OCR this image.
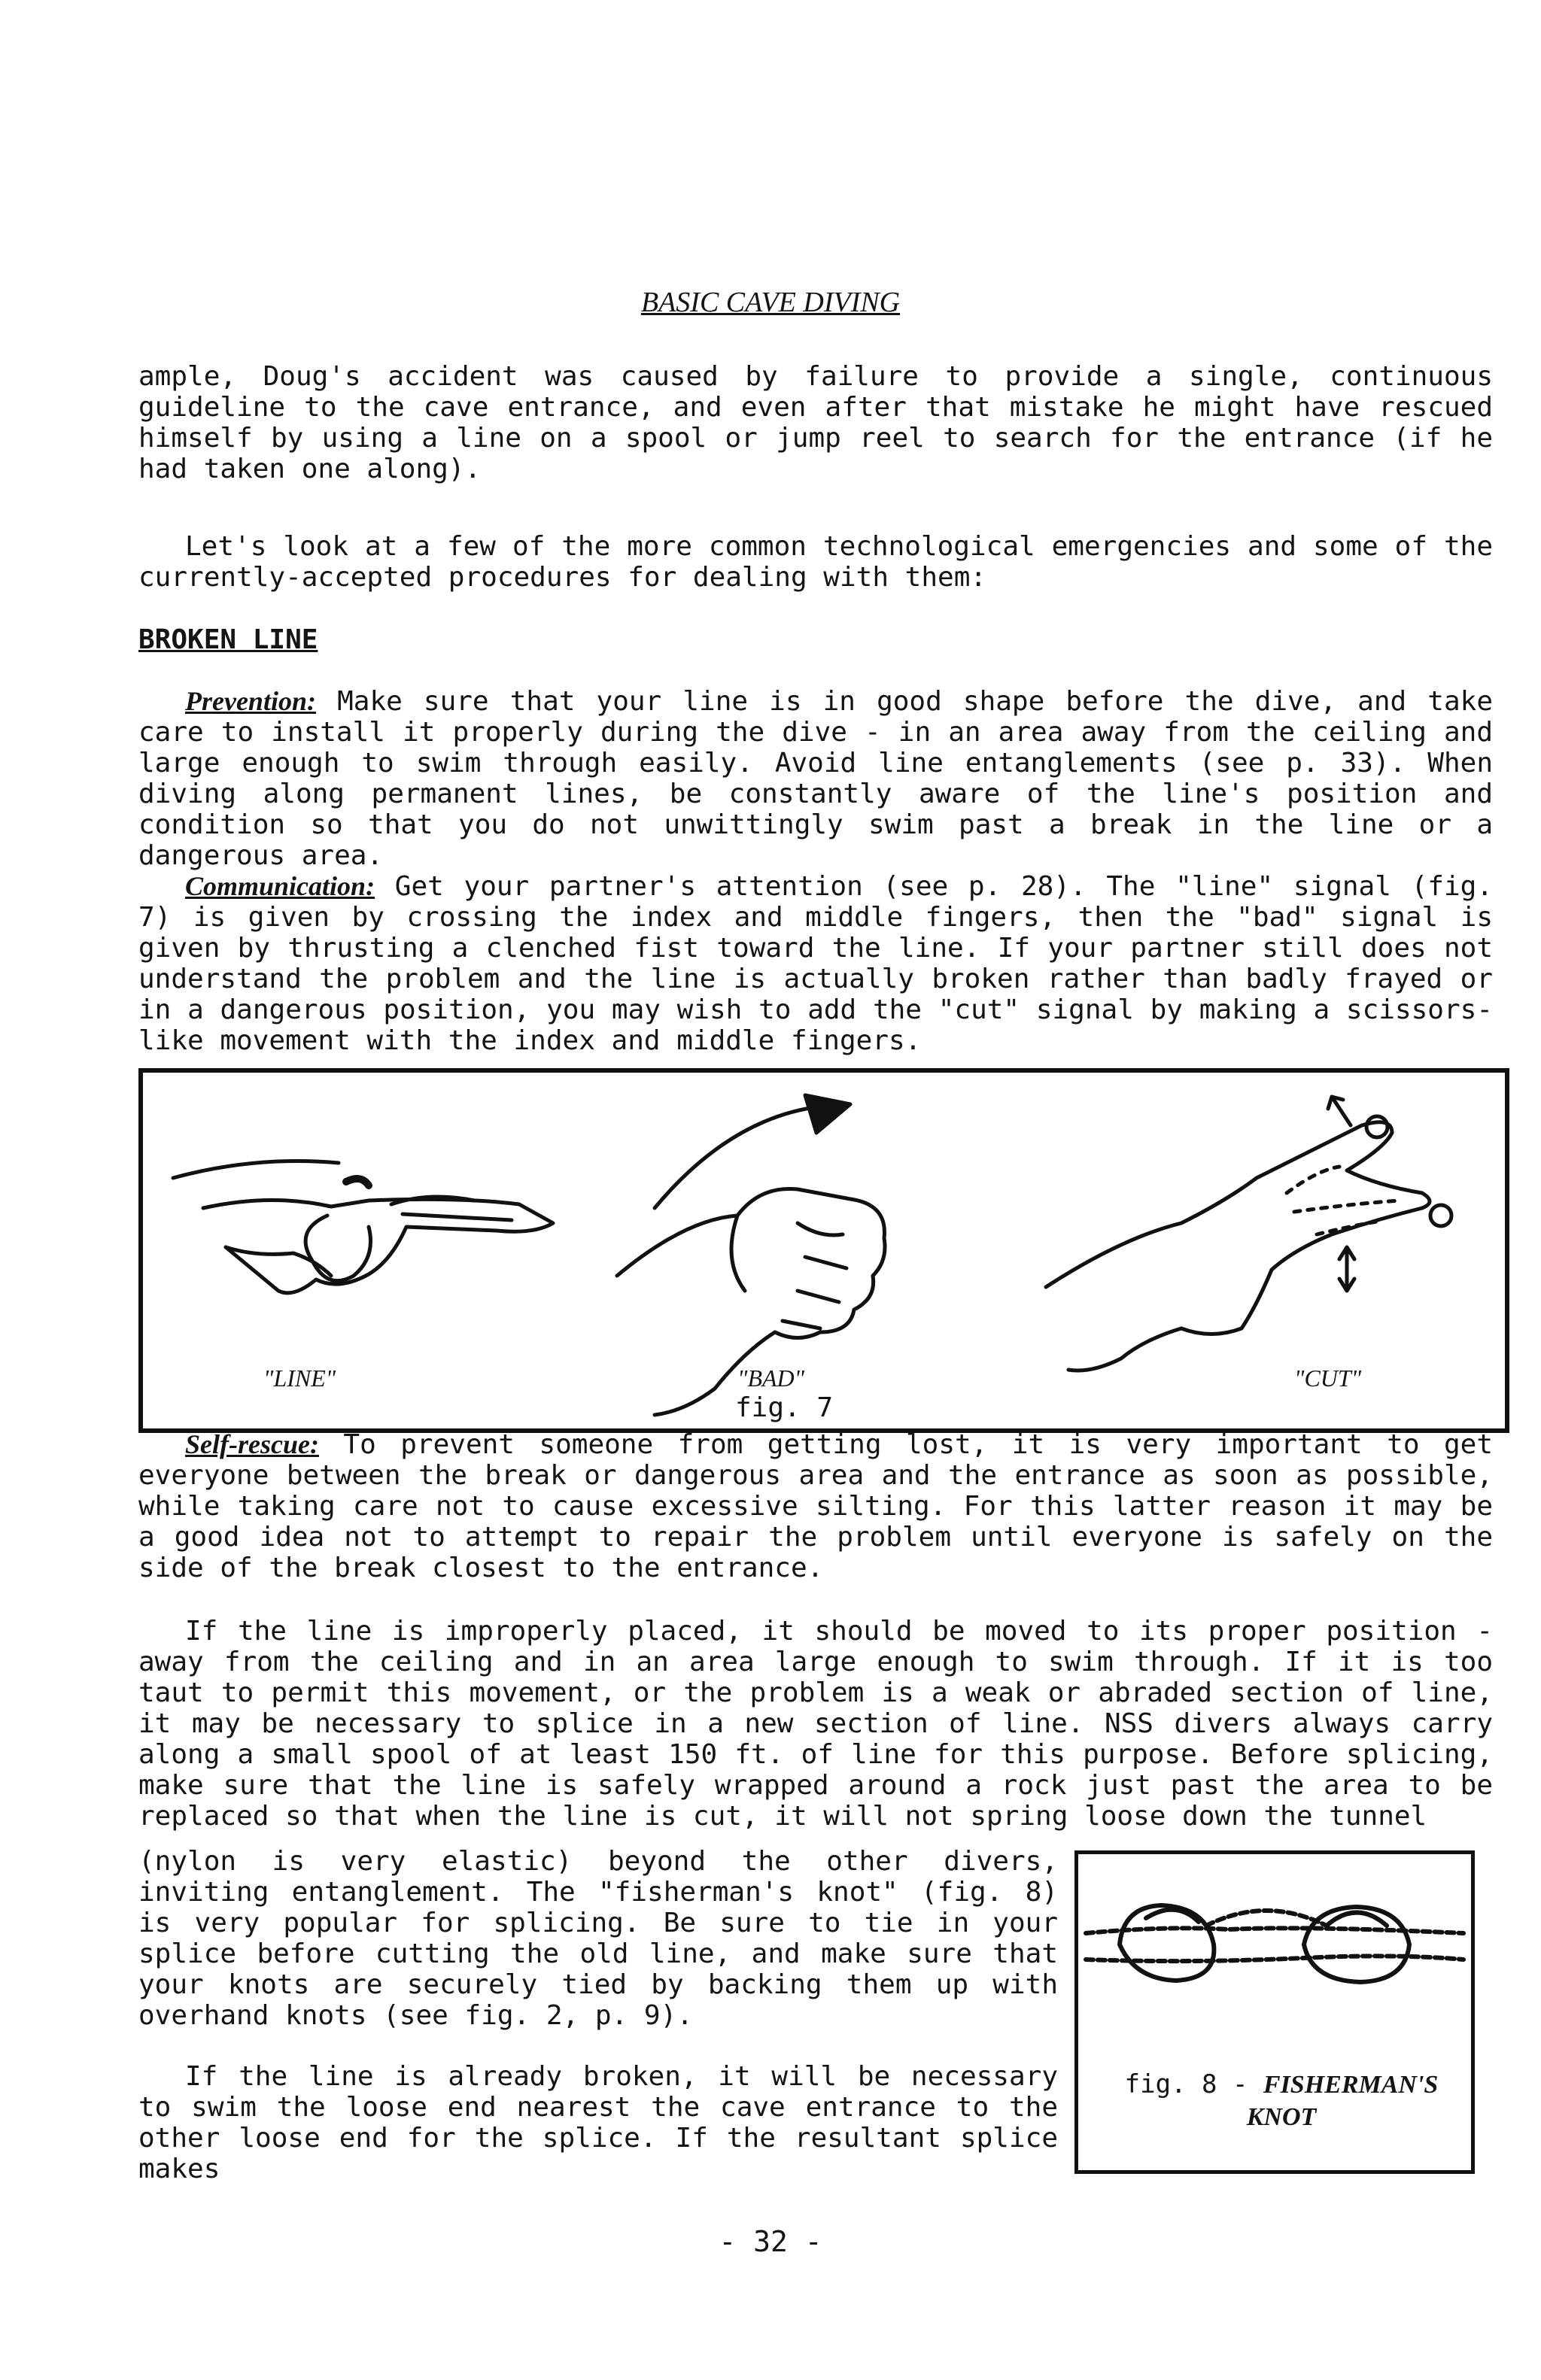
BASIC CAVE DIVING

ample, Doug's accident was caused by failure to provide a single, continuous guideline to the cave entrance, and even after that mistake he might have rescued himself by using a line on a spool or jump reel to search for the entrance (if he had taken one along).

Let's look at a few of the more common technological emergencies and some of the currently-accepted procedures for dealing with them:

BROKEN LINE

Prevention: Make sure that your line is in good shape before the dive, and take care to install it properly during the dive - in an area away from the ceiling and large enough to swim through easily. Avoid line entanglements (see p. 33). When diving along permanent lines, be constantly aware of the line's position and condition so that you do not unwittingly swim past a break in the line or a dangerous area.

Communication: Get your partner's attention (see p. 28). The "line" signal (fig. 7) is given by crossing the index and middle fingers, then the "bad" signal is given by thrusting a clenched fist toward the line. If your partner still does not understand the problem and the line is actually broken rather than badly frayed or in a dangerous position, you may wish to add the "cut" signal by making a scissors-like movement with the index and middle fingers.

"LINE"	"BAD"	"CUT"
fig. 7

Self-rescue: To prevent someone from getting lost, it is very important to get everyone between the break or dangerous area and the entrance as soon as possible, while taking care not to cause excessive silting. For this latter reason it may be a good idea not to attempt to repair the problem until everyone is safely on the side of the break closest to the entrance.

If the line is improperly placed, it should be moved to its proper position - away from the ceiling and in an area large enough to swim through. If it is too taut to permit this movement, or the problem is a weak or abraded section of line, it may be necessary to splice in a new section of line. NSS divers always carry along a small spool of at least 150 ft. of line for this purpose. Before splicing, make sure that the line is safely wrapped around a rock just past the area to be replaced so that when the line is cut, it will not spring loose down the tunnel

(nylon is very elastic) beyond the other divers, inviting entanglement. The "fisherman's knot" (fig. 8) is very popular for splicing. Be sure to tie in your splice before cutting the old line, and make sure that your knots are securely tied by backing them up with overhand knots (see fig. 2, p. 9).

If the line is already broken, it will be necessary to swim the loose end nearest the cave entrance to the other loose end for the splice. If the resultant splice makes

fig. 8 - FISHERMAN'S KNOT
- 32 -
